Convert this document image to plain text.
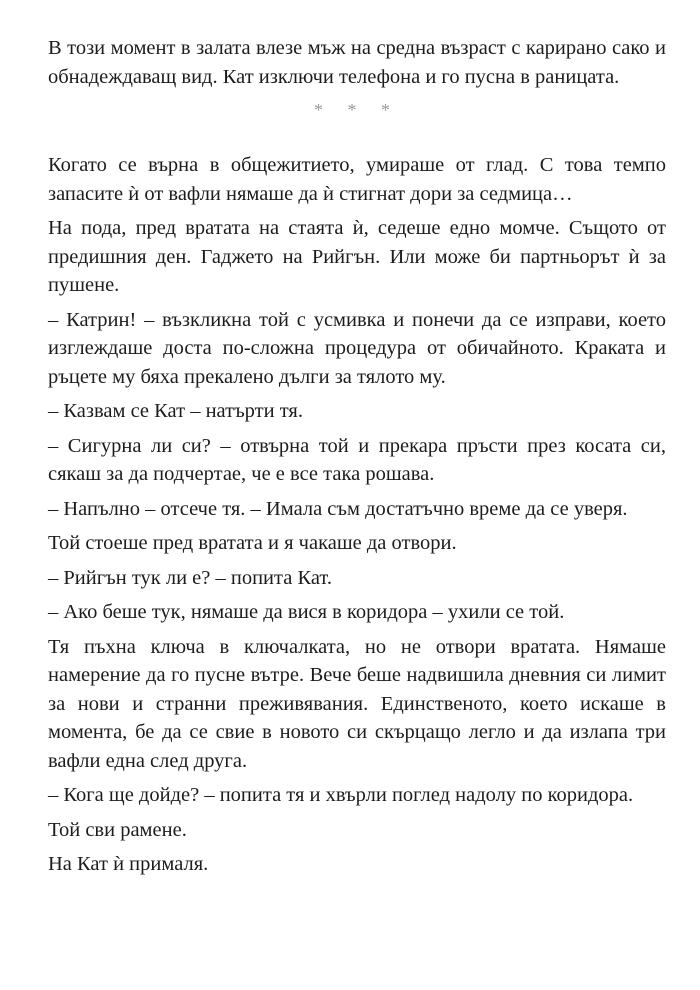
В този момент в залата влезе мъж на средна възраст с карирано сако и обнадеждаващ вид. Кат изключи телефона и го пусна в раницата.

* * *

Когато се върна в общежитието, умираше от глад. С това темпо запасите ѝ от вафли нямаше да ѝ стигнат дори за седмица…

На пода, пред вратата на стаята ѝ, седеше едно момче. Същото от предишния ден. Гаджето на Рийгън. Или може би партньорът ѝ за пушене.

– Катрин! – възкликна той с усмивка и понечи да се изправи, което изглеждаше доста по-сложна процедура от обичайното. Краката и ръцете му бяха прекалено дълги за тялото му.

– Казвам се Кат – натърти тя.

– Сигурна ли си? – отвърна той и прекара пръсти през косата си, сякаш за да подчертае, че е все така рошава.

– Напълно – отсече тя. – Имала съм достатъчно време да се уверя.

Той стоеше пред вратата и я чакаше да отвори.

– Рийгън тук ли е? – попита Кат.

– Ако беше тук, нямаше да вися в коридора – ухили се той.

Тя пъхна ключа в ключалката, но не отвори вратата. Нямаше намерение да го пусне вътре. Вече беше надвишила дневния си лимит за нови и странни преживявания. Единственото, което искаше в момента, бе да се свие в новото си скърцащо легло и да излапа три вафли една след друга.

– Кога ще дойде? – попита тя и хвърли поглед надолу по коридора.

Той сви рамене.

На Кат ѝ прималя.
